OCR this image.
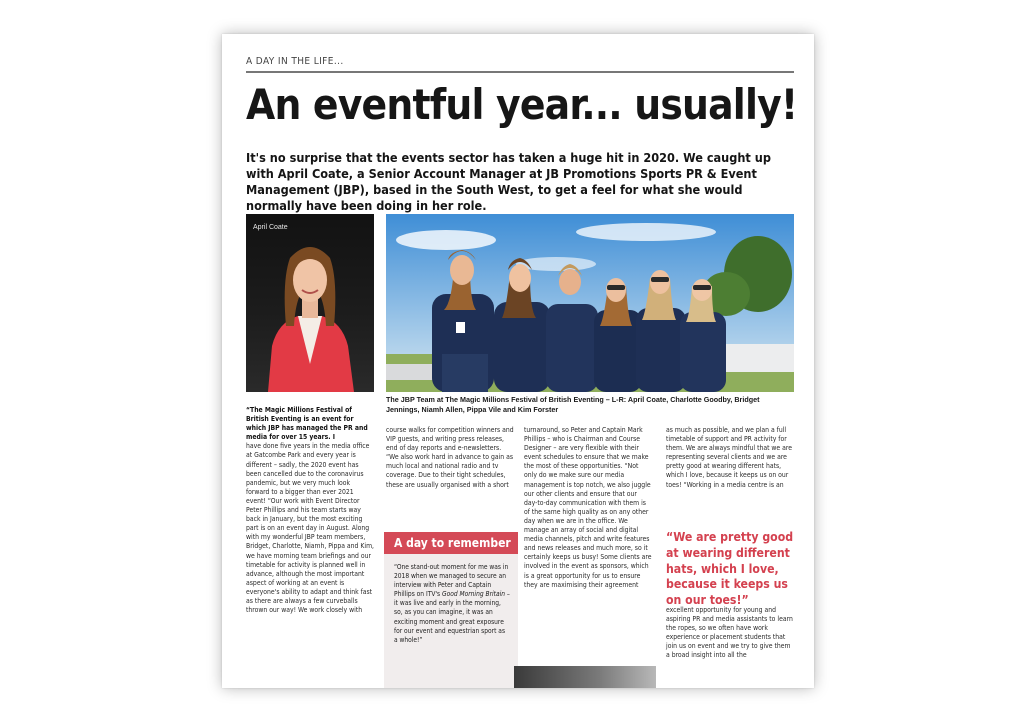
A DAY IN THE LIFE...
An eventful year... usually!

It's no surprise that the events sector has taken a huge hit in 2020. We caught up with April Coate, a Senior Account Manager at JB Promotions Sports PR & Event Management (JBP), based in the South West, to get a feel for what she would normally have been doing in her role.

April Coate

The JBP Team at The Magic Millions Festival of British Eventing – L-R: April Coate, Charlotte Goodby, Bridget Jennings, Niamh Allen, Pippa Vile and Kim Forster

“The Magic Millions Festival of British Eventing is an event for which JBP has managed the PR and media for over 15 years. I

have done five years in the media office at Gatcombe Park and every year is different – sadly, the 2020 event has been cancelled due to the coronavirus pandemic, but we very much look forward to a bigger than ever 2021 event! “Our work with Event Director Peter Phillips and his team starts way back in January, but the most exciting part is on an event day in August. Along with my wonderful JBP team members, Bridget, Charlotte, Niamh, Pippa and Kim, we have morning team briefings and our timetable for activity is planned well in advance, although the most important aspect of working at an event is everyone's ability to adapt and think fast as there are always a few curveballs thrown our way! We work closely with

course walks for competition winners and VIP guests, and writing press releases, end of day reports and e-newsletters. “We also work hard in advance to gain as much local and national radio and tv coverage. Due to their tight schedules, these are usually organised with a short

A day to remember

“One stand-out moment for me was in 2018 when we managed to secure an interview with Peter and Captain Phillips on ITV's Good Morning Britain – it was live and early in the morning, so, as you can imagine, it was an exciting moment and great exposure for our event and equestrian sport as a whole!”

turnaround, so Peter and Captain Mark Phillips – who is Chairman and Course Designer – are very flexible with their event schedules to ensure that we make the most of these opportunities. “Not only do we make sure our media management is top notch, we also juggle our other clients and ensure that our day-to-day communication with them is of the same high quality as on any other day when we are in the office. We manage an array of social and digital media channels, pitch and write features and news releases and much more, so it certainly keeps us busy! Some clients are involved in the event as sponsors, which is a great opportunity for us to ensure they are maximising their agreement

as much as possible, and we plan a full timetable of support and PR activity for them. We are always mindful that we are representing several clients and we are pretty good at wearing different hats, which I love, because it keeps us on our toes! “Working in a media centre is an

“We are pretty good at wearing different hats, which I love, because it keeps us on our toes!”

excellent opportunity for young and aspiring PR and media assistants to learn the ropes, so we often have work experience or placement students that join us on event and we try to give them a broad insight into all the
